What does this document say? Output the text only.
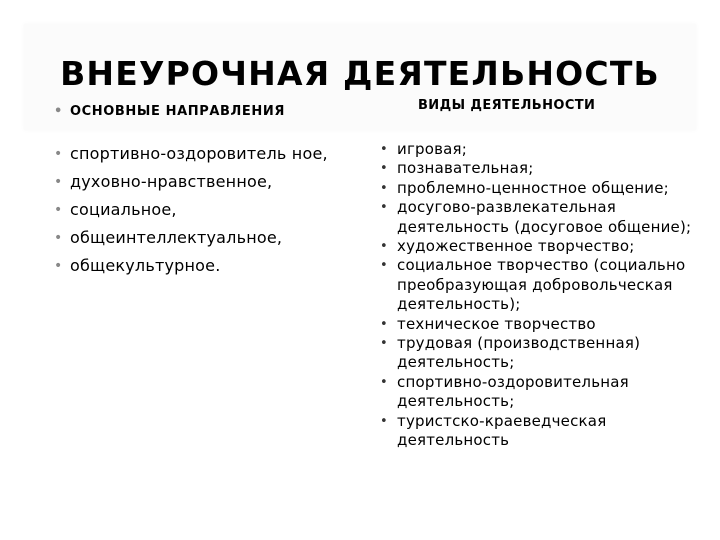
ВНЕУРОЧНАЯ ДЕЯТЕЛЬНОСТЬ
• ОСНОВНЫЕ НАПРАВЛЕНИЯ
• спортивно-оздоровитель ное,
• духовно-нравственное,
• социальное,
• общеинтеллектуальное,
• общекультурное.
ВИДЫ ДЕЯТЕЛЬНОСТИ
• игровая;
• познавательная;
• проблемно-ценностное общение;
• досугово-развлекательная деятельность (досуговое общение);
• художественное творчество;
• социальное творчество (социально преобразующая добровольческая деятельность);
• техническое творчество
• трудовая (производственная) деятельность;
• спортивно-оздоровительная деятельность;
• туристско-краеведческая деятельность
